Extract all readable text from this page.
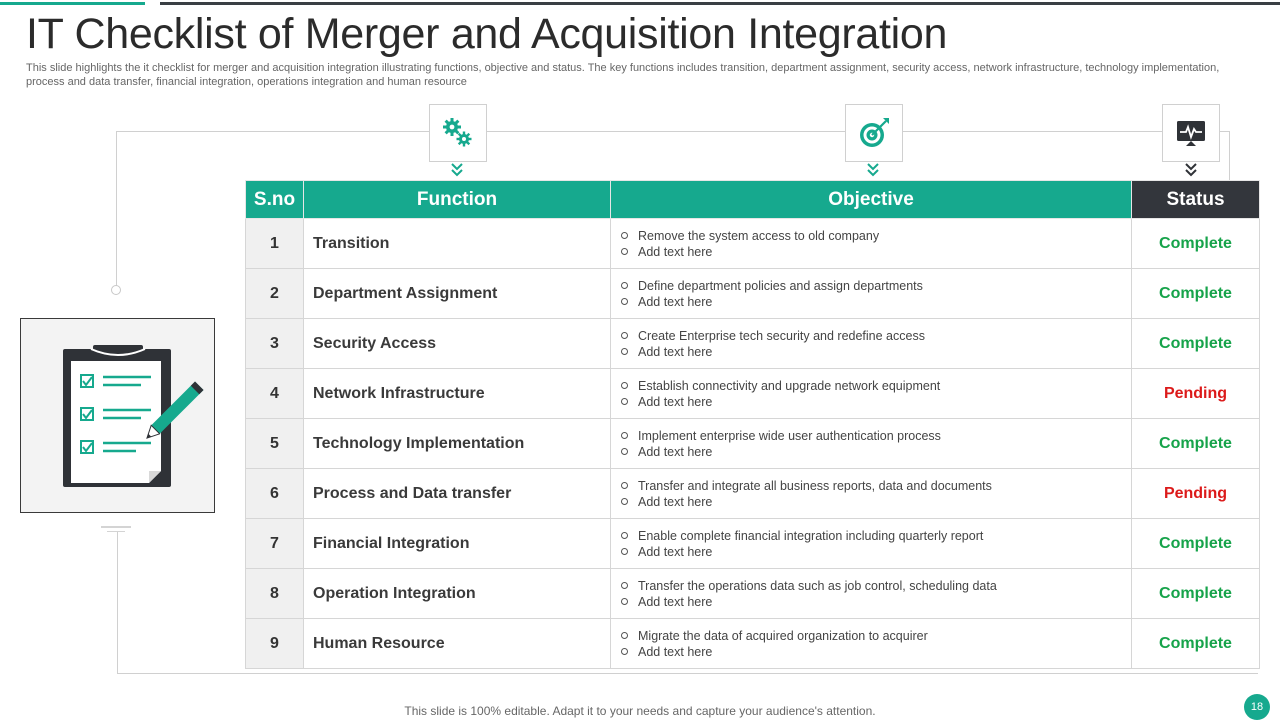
IT Checklist of Merger and Acquisition Integration

This slide highlights the it checklist for merger and acquisition integration illustrating functions, objective and status. The key functions includes transition, department assignment, security access, network infrastructure, technology implementation, process and data transfer, financial integration, operations integration and human resource

S.no	Function	Objective	Status
1	Transition	Remove the system access to old company
Add text here	Complete
2	Department Assignment	Define department policies and assign departments
Add text here	Complete
3	Security Access	Create Enterprise tech security and redefine access
Add text here	Complete
4	Network Infrastructure	Establish connectivity and upgrade network equipment
Add text here	Pending
5	Technology Implementation	Implement enterprise wide user authentication process
Add text here	Complete
6	Process and Data transfer	Transfer and integrate all business reports, data and documents
Add text here	Pending
7	Financial Integration	Enable complete financial integration including quarterly report
Add text here	Complete
8	Operation Integration	Transfer the operations data such as job control, scheduling data
Add text here	Complete
9	Human Resource	Migrate the data of acquired organization to acquirer
Add text here	Complete
This slide is 100% editable. Adapt it to your needs and capture your audience's attention.	18
